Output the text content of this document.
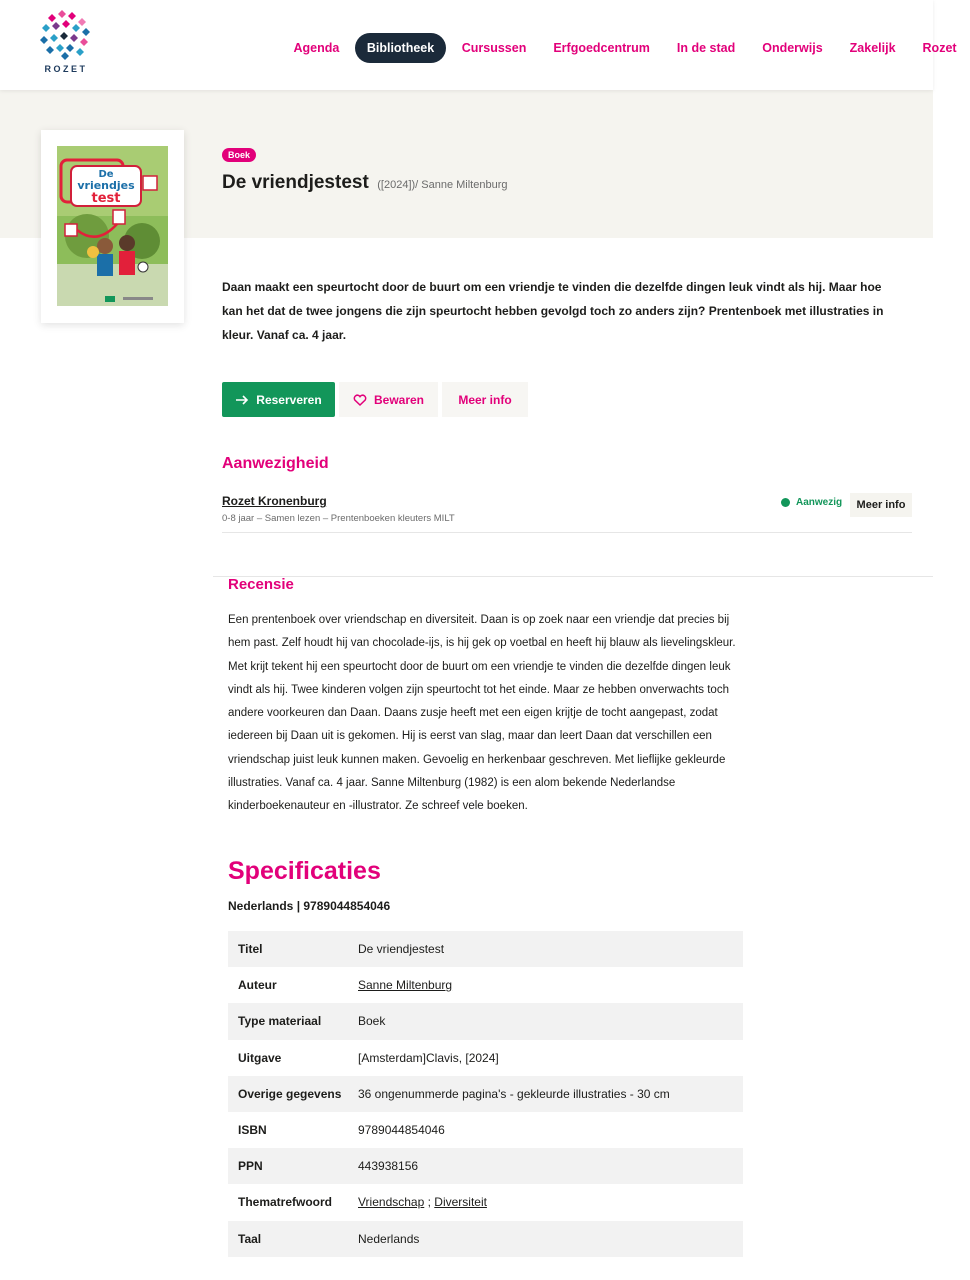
ROZET
Agenda	Bibliotheek	Cursussen	Erfgoedcentrum	In de stad	Onderwijs	Zakelijk	Rozet
De
vriendjes
test
Boek
De vriendjestest ([2024])/ Sanne Miltenburg
Daan maakt een speurtocht door de buurt om een vriendje te vinden die dezelfde dingen leuk vindt als hij. Maar hoe kan het dat de twee jongens die zijn speurtocht hebben gevolgd toch zo anders zijn? Prentenboek met illustraties in kleur. Vanaf ca. 4 jaar.
Reserveren	Bewaren	Meer info
Aanwezigheid
Rozet Kronenburg
0-8 jaar – Samen lezen – Prentenboeken kleuters MILT
Aanwezig	Meer info
Recensie
Een prentenboek over vriendschap en diversiteit. Daan is op zoek naar een vriendje dat precies bij hem past. Zelf houdt hij van chocolade-ijs, is hij gek op voetbal en heeft hij blauw als lievelingskleur. Met krijt tekent hij een speurtocht door de buurt om een vriendje te vinden die dezelfde dingen leuk vindt als hij. Twee kinderen volgen zijn speurtocht tot het einde. Maar ze hebben onverwachts toch andere voorkeuren dan Daan. Daans zusje heeft met een eigen krijtje de tocht aangepast, zodat iedereen bij Daan uit is gekomen. Hij is eerst van slag, maar dan leert Daan dat verschillen een vriendschap juist leuk kunnen maken. Gevoelig en herkenbaar geschreven. Met lieflijke gekleurde illustraties. Vanaf ca. 4 jaar. Sanne Miltenburg (1982) is een alom bekende Nederlandse kinderboekenauteur en -illustrator. Ze schreef vele boeken.
Specificaties
Nederlands | 9789044854046
Titel	De vriendjestest
Auteur	Sanne Miltenburg
Type materiaal	Boek
Uitgave	[Amsterdam]Clavis, [2024]
Overige gegevens	36 ongenummerde pagina's - gekleurde illustraties - 30 cm
ISBN	9789044854046
PPN	443938156
Thematrefwoord	Vriendschap ; Diversiteit
Taal	Nederlands
